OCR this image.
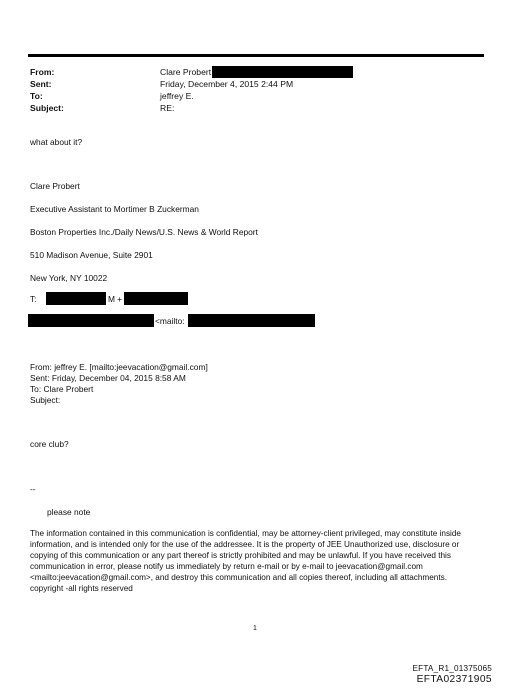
From:	Clare Probert
Sent:	Friday, December 4, 2015 2:44 PM
To:	jeffrey E.
Subject:	RE:
what about it?
Clare Probert
Executive Assistant to Mortimer B Zuckerman
Boston Properties Inc./Daily News/U.S. News & World Report
510 Madison Avenue, Suite 2901
New York, NY 10022
T:	M +
<mailto:
From: jeffrey E. [mailto:jeevacation@gmail.com]
Sent: Friday, December 04, 2015 8:58 AM
To: Clare Probert
Subject:
core club?
--
please note
The information contained in this communication is confidential, may be attorney-client privileged, may constitute inside information, and is intended only for the use of the addressee. It is the property of JEE Unauthorized use, disclosure or copying of this communication or any part thereof is strictly prohibited and may be unlawful. If you have received this communication in error, please notify us immediately by return e-mail or by e-mail to jeevacation@gmail.com <mailto:jeevacation@gmail.com>, and destroy this communication and all copies thereof, including all attachments. copyright -all rights reserved
1
EFTA_R1_01375065
EFTA02371905
